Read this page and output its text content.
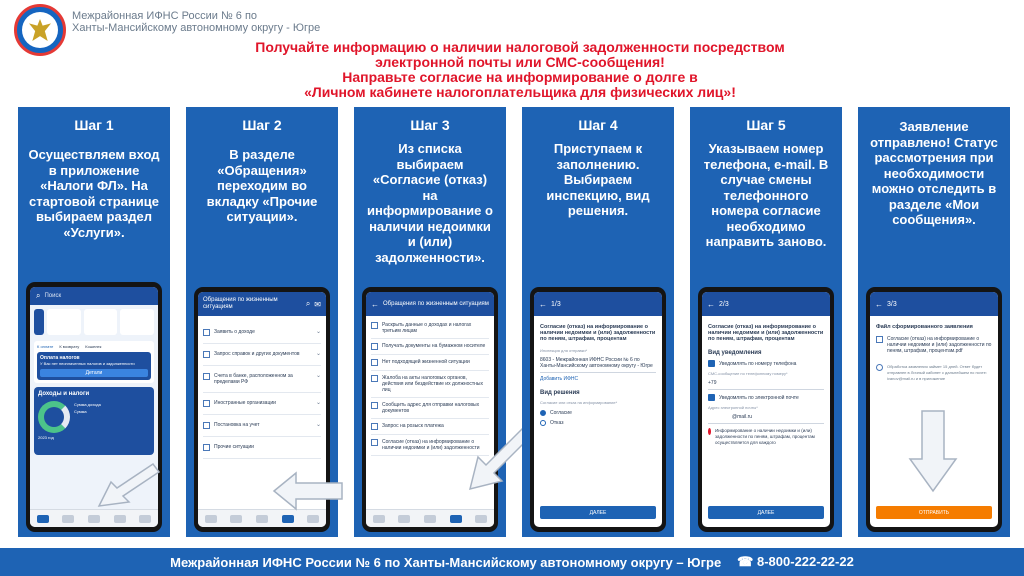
Межрайонная ИФНС России № 6 по
Ханты-Мансийскому автономному округу - Югре
Получайте информацию о наличии налоговой задолженности посредством
электронной почты или СМС-сообщения!
Направьте согласие на информирование о долге в
«Личном кабинете налогоплательщика для физических лиц»!
Шаг 1
Осуществляем вход в приложение «Налоги ФЛ». На стартовой странице выбираем раздел «Услуги».
⌕ Поиск
К оплате К возврату Кошелек
Оплата налогов
У Вас нет неоплаченных налогов и задолженности
Детали
Доходы и налоги
Сумма дохода
Сумма
2023 год
Шаг 2
В разделе «Обращения» переходим во вкладку «Прочие ситуации».
Обращения по жизненным ситуациям	⌕ ✉
Заявить о доходе	⌄
Запрос справок и других документов	⌄
Счета в банке, расположенном за пределами РФ
⌄
Иностранные организации	⌄
Постановка на учет	⌄
Прочие ситуации
Шаг 3
Из списка выбираем «Согласие (отказ) на информирование о наличии недоимки и (или) задолженности».
← Обращения по жизненным ситуациям
Раскрыть данные о доходах и налогах третьим лицам
Получать документы на бумажном носителе
Нет подходящей жизненной ситуации
Жалоба на акты налоговых органов, действия или бездействие их должностных лиц
Сообщить адрес для отправки налоговых документов
Запрос на розыск платежа
Согласие (отказ) на информирование о наличии недоимки и (или) задолженности
Шаг 4
Приступаем к заполнению. Выбираем инспекцию, вид решения.
← 1/3
Согласие (отказ) на информирование о наличии недоимки и (или) задолженности по пеням, штрафам, процентам
Инспекция для отправки*
8603 - Межрайонная ИФНС России № 6 по Ханты-Мансийскому автономному округу - Югре
Добавить ИФНС
Вид решения
Согласие или отказ на информирование*
Согласие
Отказ
ДАЛЕЕ
Шаг 5
Указываем номер телефона, e-mail. В случае смены телефонного номера согласие необходимо направить заново.
← 2/3
Согласие (отказ) на информирование о наличии недоимки и (или) задолженности по пеням, штрафам, процентам
Вид уведомления
Уведомлять по номеру телефона
СМС-сообщение по телефонному номеру*
+79
Уведомлять по электронной почте
Адрес электронной почты*
@mail.ru
Информирование о наличии недоимки и (или) задолженности по пеням, штрафам, процентам осуществляется для каждого
ДАЛЕЕ
Заявление отправлено! Статус рассмотрения при необходимости можно отследить в разделе «Мои сообщения».
← 3/3
Файл сформированного заявления
Согласие (отказ) на информирование о наличии недоимки и (или) задолженности по пеням, штрафам, процентам.pdf
Обработка заявления займет 15 дней. Ответ будет отправлен в Личный кабинет с дальнейшем по почте: ivanov@mail.ru и в приложение
ОТПРАВИТЬ
Межрайонная ИФНС России № 6 по Ханты-Мансийскому автономному округу – Югре ☎ 8-800-222-22-22
